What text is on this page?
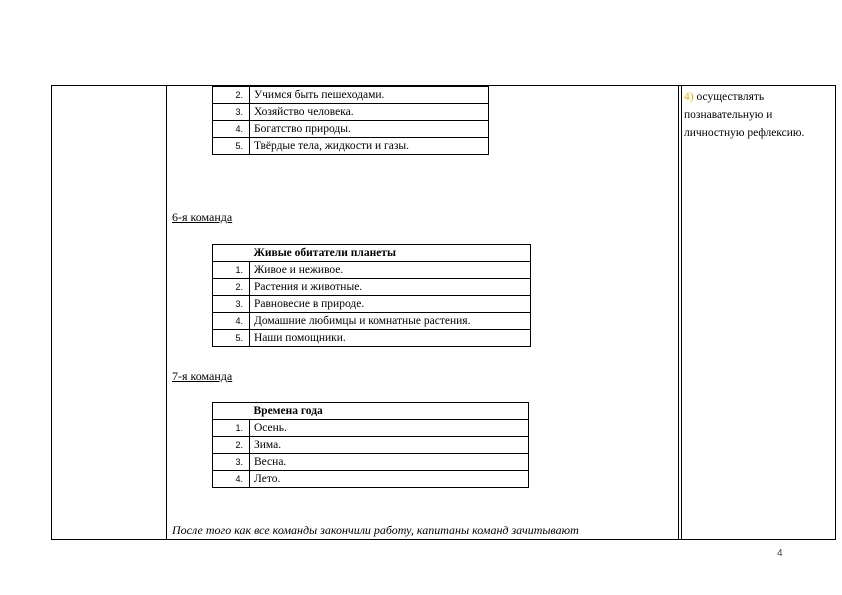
2.	Учимся быть пешеходами.
3.	Хозяйство человека.
4.	Богатство природы.
5.	Твёрдые тела, жидкости и газы.
6-я команда
	Живые обитатели планеты
1.	Живое и неживое.
2.	Растения и животные.
3.	Равновесие в природе.
4.	Домашние любимцы и комнатные растения.
5.	Наши помощники.
7-я команда
	Времена года
1.	Осень.
2.	Зима.
3.	Весна.
4.	Лето.
После того как все команды закончили работу, капитаны команд зачитывают
4) осуществлять познавательную и личностную рефлексию.
4
